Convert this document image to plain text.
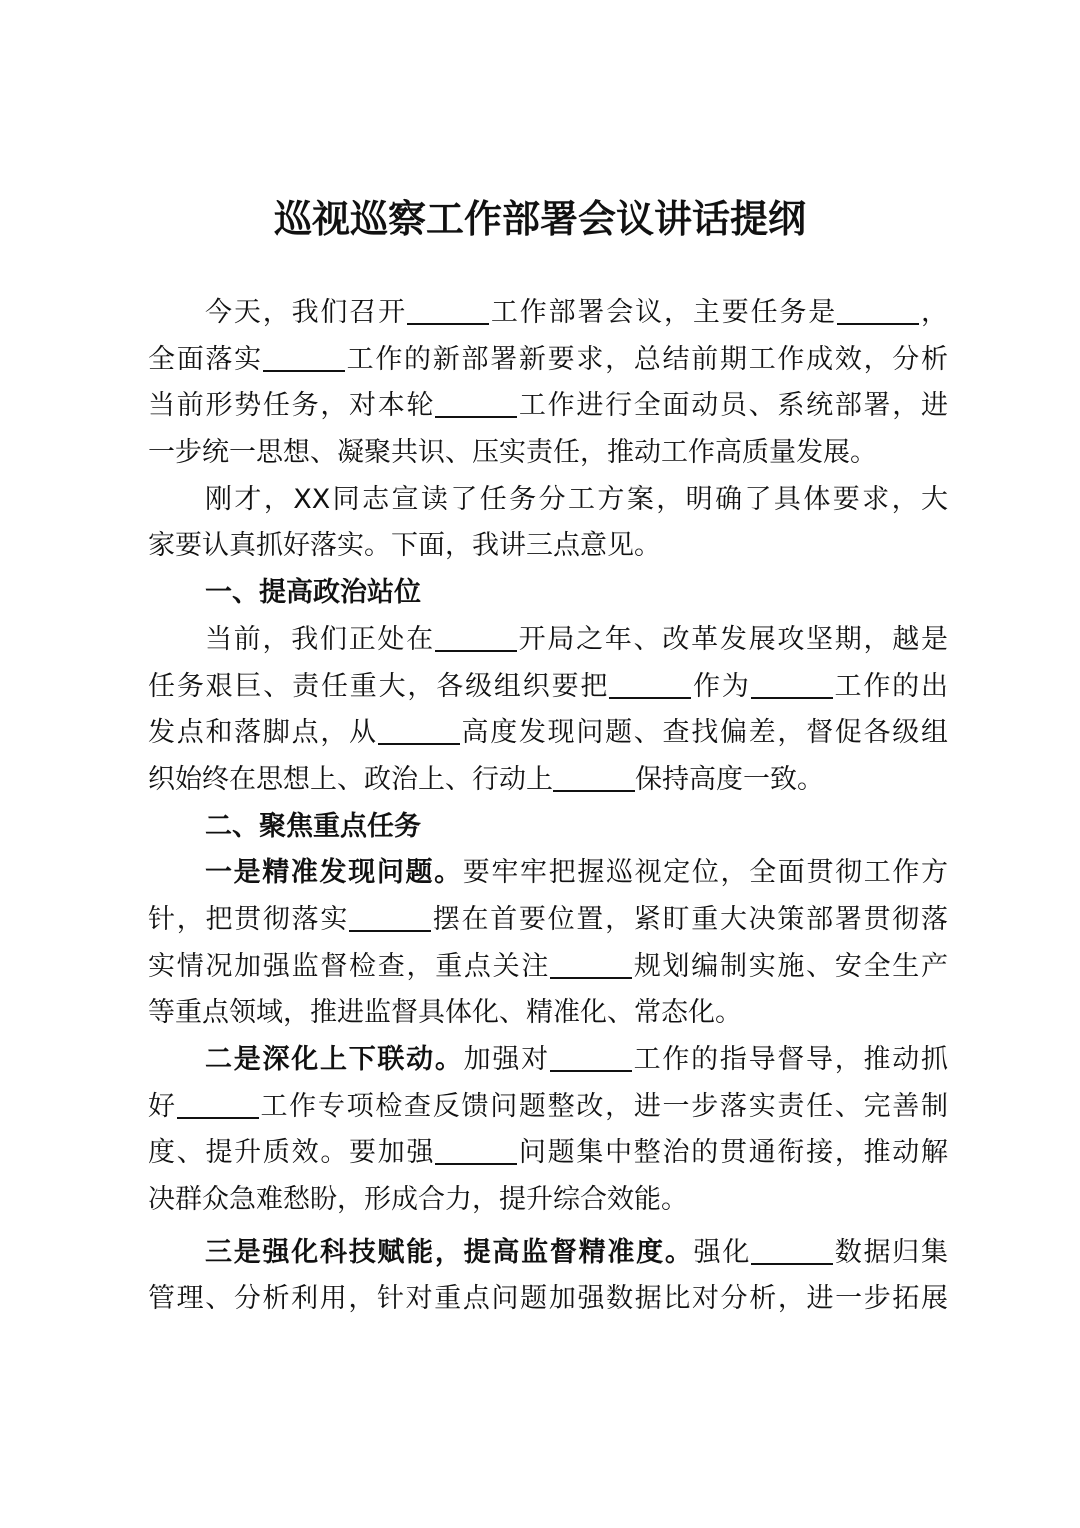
巡视巡察工作部署会议讲话提纲
今天，我们召开	工作部署会议，主要任务是	，
全面落实	工作的新部署新要求，总结前期工作成效，分析
当前形势任务，对本轮	工作进行全面动员、系统部署，进
一步统一思想、凝聚共识、压实责任，推动工作高质量发展。
刚才，XX同志宣读了任务分工方案，明确了具体要求，大
家要认真抓好落实。下面，我讲三点意见。
一、提高政治站位
当前，我们正处在	开局之年、改革发展攻坚期，越是
任务艰巨、责任重大，各级组织要把	作为	工作的出
发点和落脚点，从	高度发现问题、查找偏差，督促各级组
织始终在思想上、政治上、行动上	保持高度一致。
二、聚焦重点任务
一是精准发现问题。要牢牢把握巡视定位，全面贯彻工作方
针，把贯彻落实	摆在首要位置，紧盯重大决策部署贯彻落
实情况加强监督检查，重点关注	规划编制实施、安全生产
等重点领域，推进监督具体化、精准化、常态化。
二是深化上下联动。加强对	工作的指导督导，推动抓
好	工作专项检查反馈问题整改，进一步落实责任、完善制
度、提升质效。要加强	问题集中整治的贯通衔接，推动解
决群众急难愁盼，形成合力，提升综合效能。
三是强化科技赋能，提高监督精准度。强化	数据归集
管理、分析利用，针对重点问题加强数据比对分析，进一步拓展
